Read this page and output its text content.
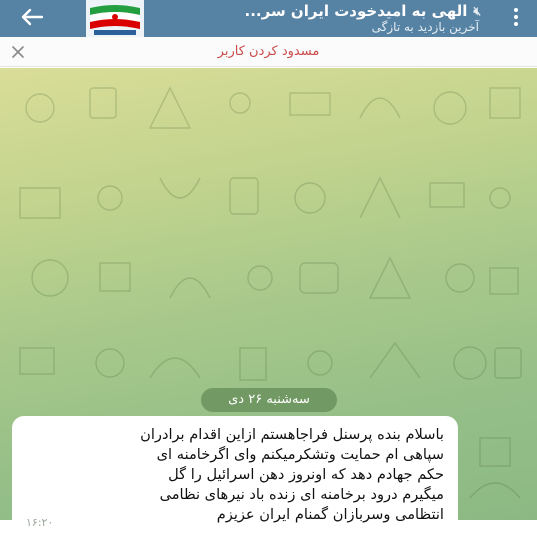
🔇︎
الهی به امیدخودت ایران سر...
آخرین بازدید به تازگی
مسدود کردن کاربر
سه‌شنبه ۲۶ دی
باسلام بنده پرسنل فراجاهستم ازاین اقدام برادران
سپاهی ام حمایت وتشکرمیکنم وای اگرخامنه ای
حکم جهادم دهد که اونروز دهن اسرائیل را گل
میگیرم درود برخامنه ای زنده باد نیرهای نظامی
انتظامی وسربازان گمنام ایران عزیزم
۱۶:۲۰
